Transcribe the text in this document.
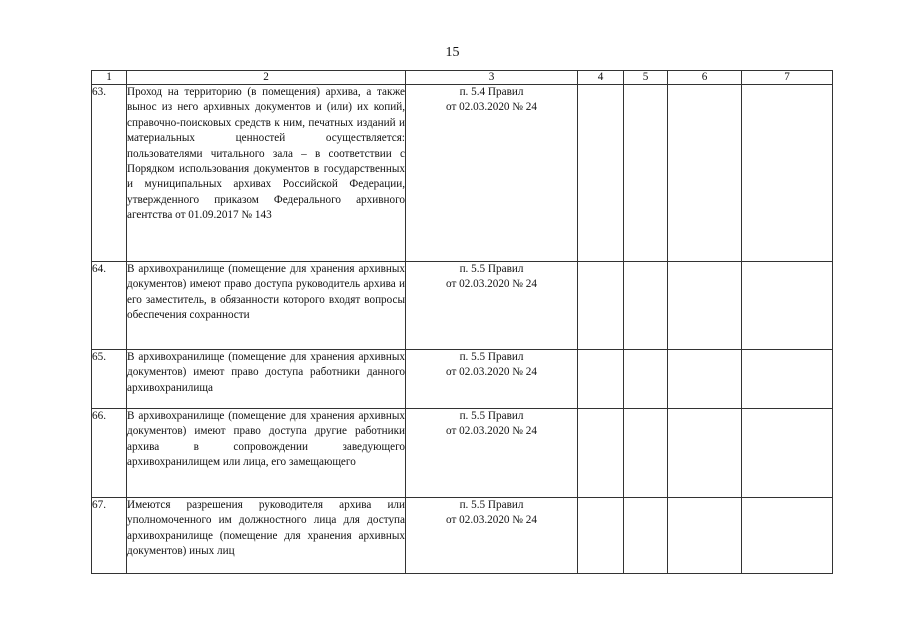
15
1	2	3	4	5	6	7
63.	Проход на территорию (в помещения) архива, а также вынос из него архивных документов и (или) их копий, справочно-поисковых средств к ним, печатных изданий и материальных ценностей осуществляется: пользователями читального зала – в соответствии с Порядком использования документов в государственных и муниципальных архивах Российской Федерации, утвержденного приказом Федерального архивного агентства от 01.09.2017 № 143	п. 5.4 Правил
от 02.03.2020 № 24				

64.	В архивохранилище (помещение для хранения архивных документов) имеют право доступа руководитель архива и его заместитель, в обязанности которого входят вопросы обеспечения сохранности	п. 5.5 Правил
от 02.03.2020 № 24				

65.	В архивохранилище (помещение для хранения архивных документов) имеют право доступа работники данного архивохранилища	п. 5.5 Правил
от 02.03.2020 № 24				

66.	В архивохранилище (помещение для хранения архивных документов) имеют право доступа другие работники архива в сопровождении заведующего архивохранилищем или лица, его замещающего	п. 5.5 Правил
от 02.03.2020 № 24				

67.	Имеются разрешения руководителя архива или уполномоченного им должностного лица для доступа архивохранилище (помещение для хранения архивных документов) иных лиц	п. 5.5 Правил
от 02.03.2020 № 24				
